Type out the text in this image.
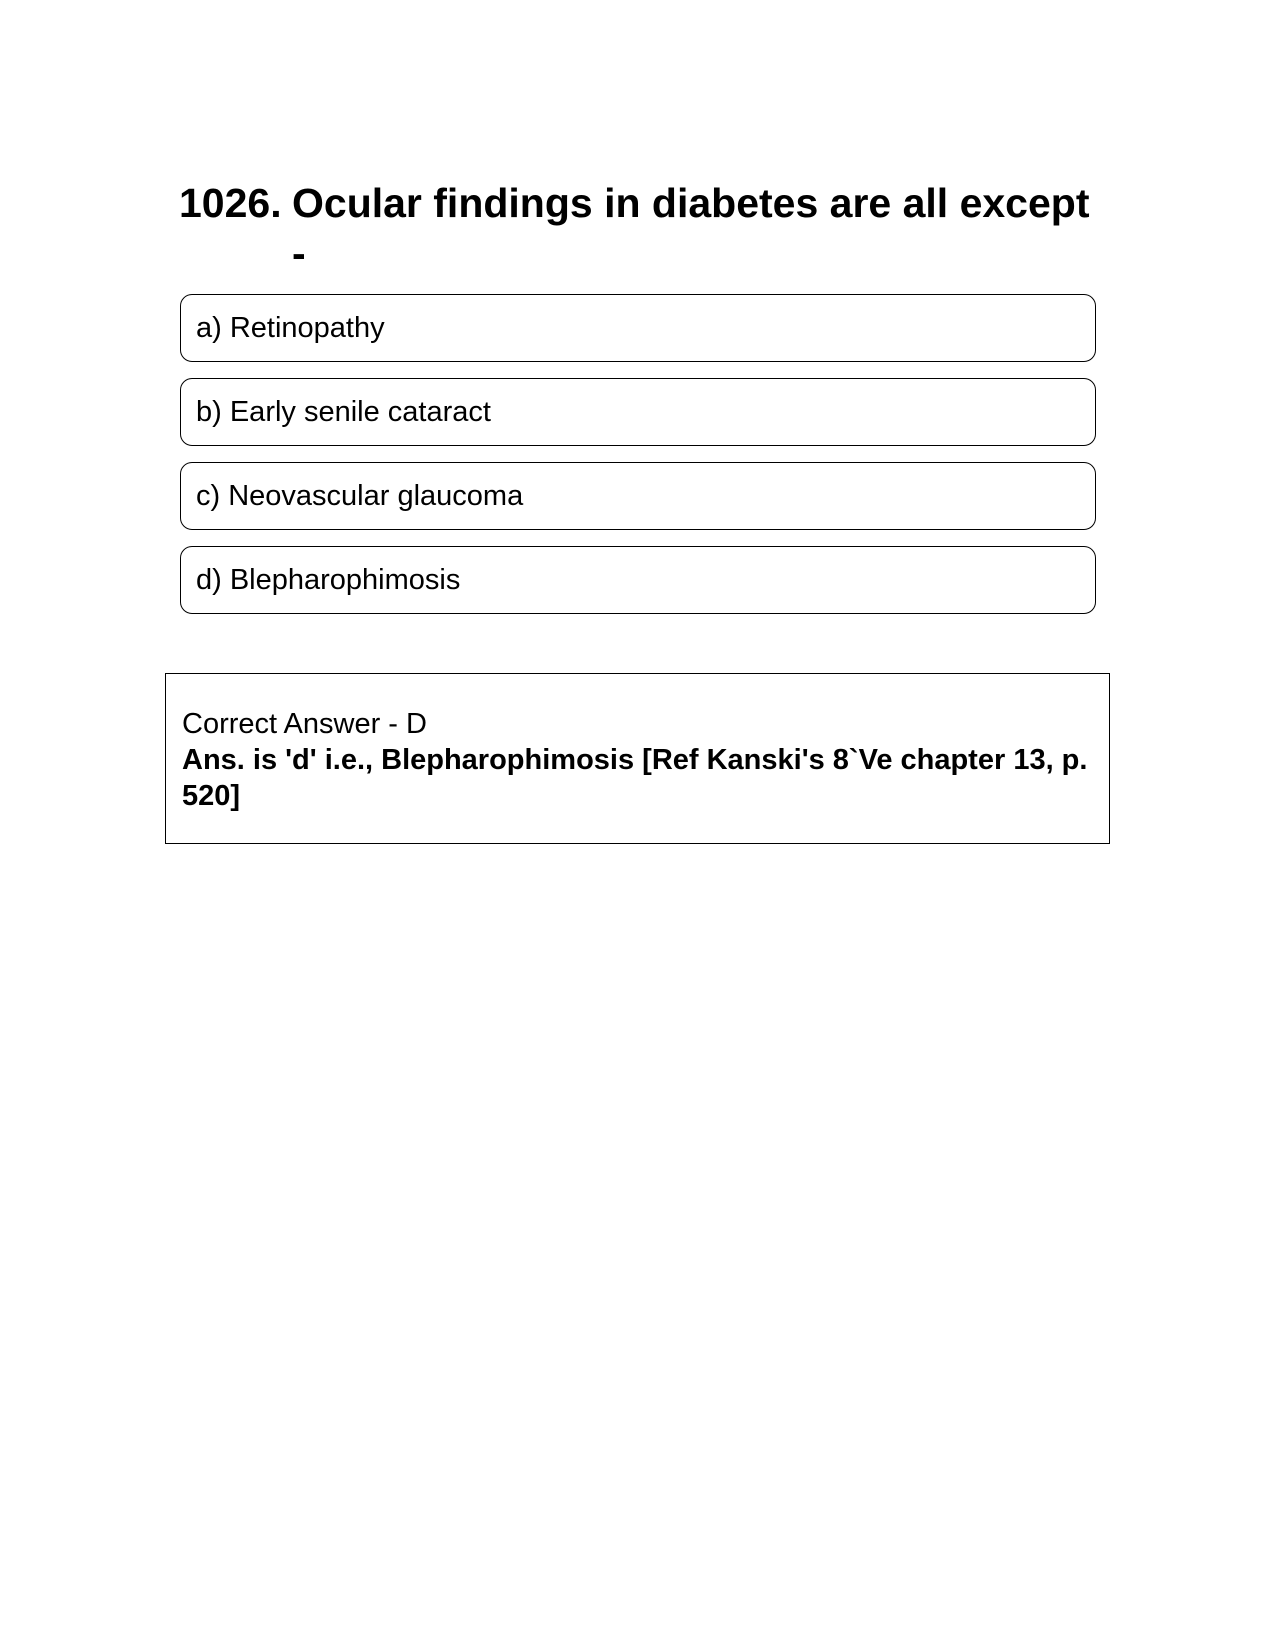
1026. Ocular findings in diabetes are all except -
a) Retinopathy
b) Early senile cataract
c) Neovascular glaucoma
d) Blepharophimosis
Correct Answer - D
Ans. is 'd' i.e., Blepharophimosis [Ref Kanski's 8`Ve chapter 13, p. 520]
